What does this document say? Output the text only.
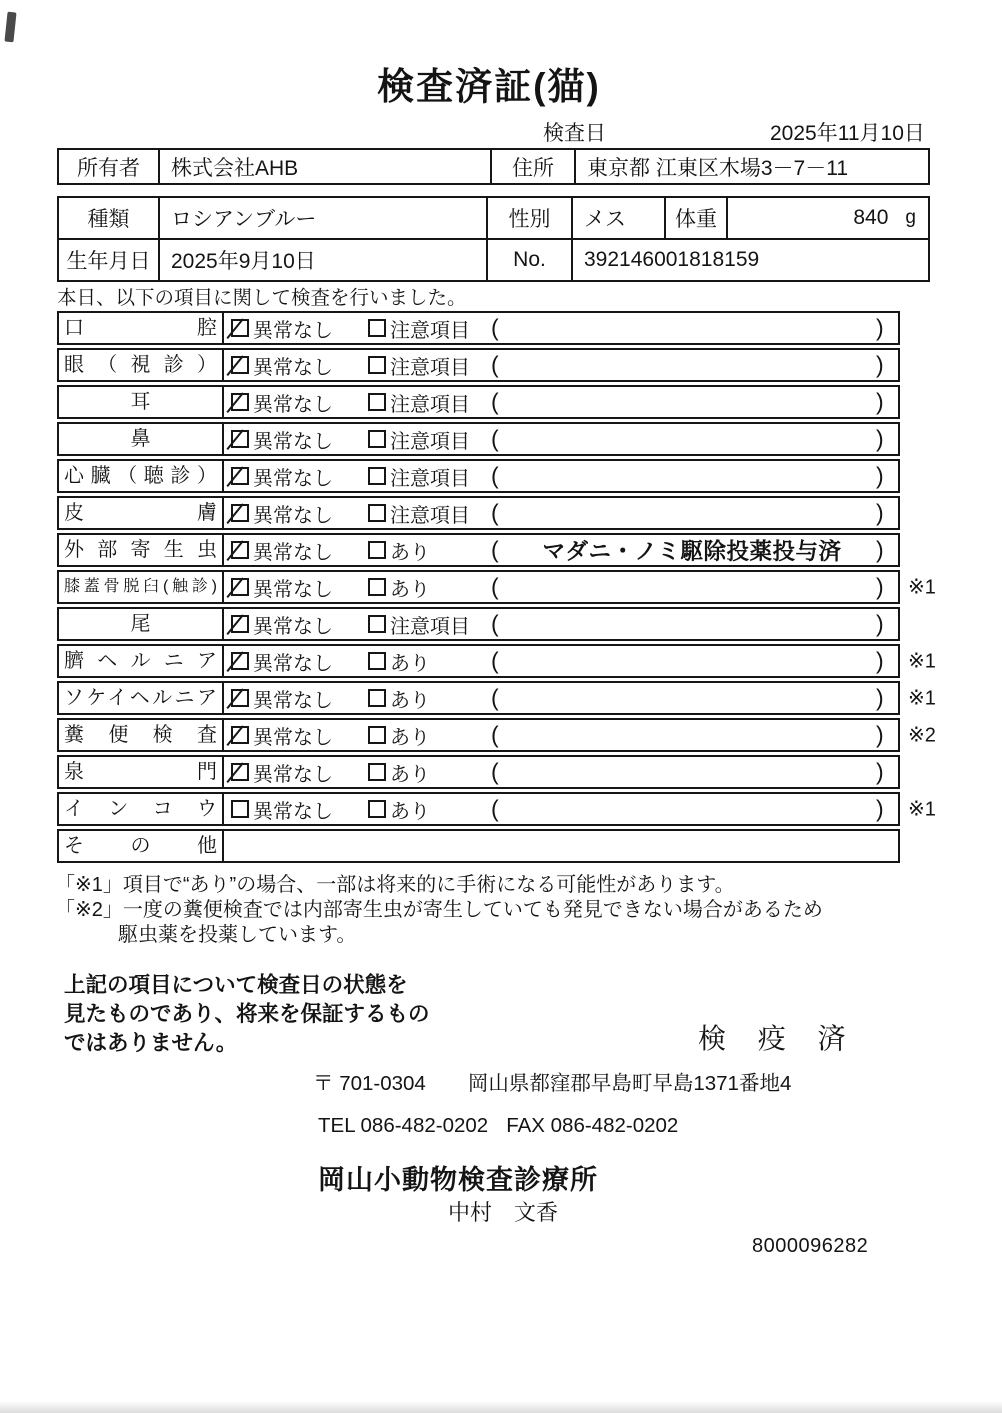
検査済証(猫)
検査日	2025年11月10日
所有者	株式会社AHB	住所	東京都 江東区木場3－7－11
種類	ロシアンブルー	性別	メス	体重	840 g
生年月日 2025年9月10日	No.	392146001818159
本日、以下の項目に関して検査を行いました。
口腔 異常なし	注意項目 (	)
眼（視診） 異常なし	注意項目 (	)
耳	異常なし	注意項目 (	)
鼻	異常なし	注意項目 (	)
心臓（聴診） 異常なし	注意項目 (	)
皮膚 異常なし	注意項目 (	)
外部寄生虫 異常なし	あり	(	マダニ・ノミ駆除投薬投与済	)
膝蓋骨脱臼(触診) 異常なし	あり	(	) ※1
尾	異常なし	注意項目 (	)
臍ヘルニア 異常なし	あり	(	) ※1
ソケイヘルニア 異常なし	あり	(	) ※1
糞便検査 異常なし	あり	(	) ※2
泉門 異常なし	あり	(	)
インコウ 異常なし	あり	(	) ※1
その他
「※1」項目で“あり”の場合、一部は将来的に手術になる可能性があります。
「※2」一度の糞便検査では内部寄生虫が寄生していても発見できない場合があるため
駆虫薬を投薬しています。
上記の項目について検査日の状態を
見たものであり、将来を保証するもの
ではありません。	検 疫 済
〒 701-0304 岡山県都窪郡早島町早島1371番地4
TEL 086-482-0202 FAX 086-482-0202
岡山小動物検査診療所
中村　文香
8000096282
